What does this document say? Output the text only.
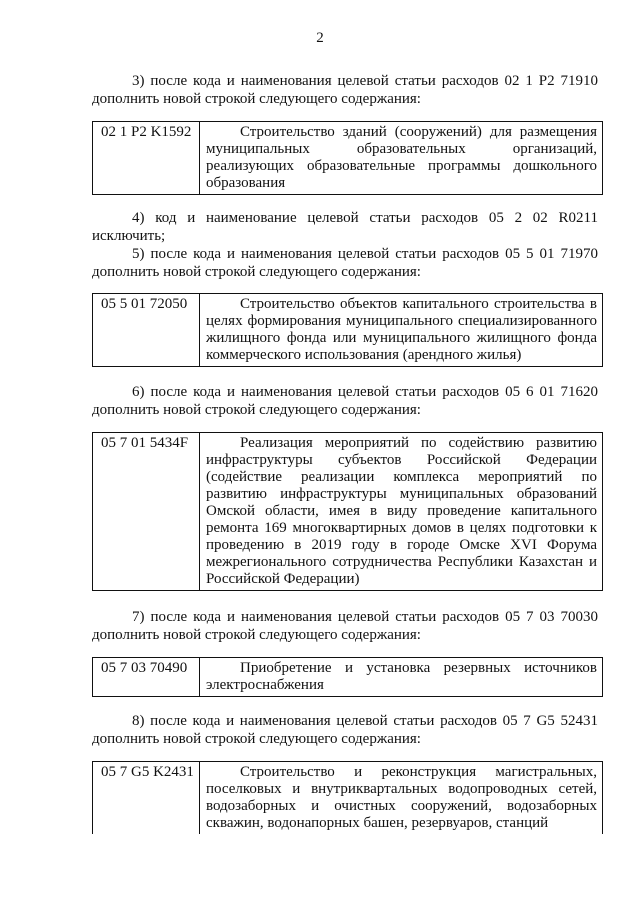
2
3) после кода и наименования целевой статьи расходов 02 1 Р2 71910
дополнить новой строкой следующего содержания:
02 1 Р2 K1592	Строительство зданий (сооружений) для размещения муниципальных образовательных организаций, реализующих образовательные программы дошкольного образования
4) код и наименование целевой статьи расходов 05 2 02 R0211
исключить;
5) после кода и наименования целевой статьи расходов 05 5 01 71970
дополнить новой строкой следующего содержания:
05 5 01 72050	Строительство объектов капитального строительства в целях формирования муниципального специализированного жилищного фонда или муниципального жилищного фонда коммерческого использования (арендного жилья)
6) после кода и наименования целевой статьи расходов 05 6 01 71620
дополнить новой строкой следующего содержания:
05 7 01 5434F	Реализация мероприятий по содействию развитию инфраструктуры субъектов Российской Федерации (содействие реализации комплекса мероприятий по развитию инфраструктуры муниципальных образований Омской области, имея в виду проведение капитального ремонта 169 многоквартирных домов в целях подготовки к проведению в 2019 году в городе Омске XVI Форума межрегионального сотрудничества Республики Казахстан и Российской Федерации)
7) после кода и наименования целевой статьи расходов 05 7 03 70030
дополнить новой строкой следующего содержания:
05 7 03 70490	Приобретение и установка резервных источников электроснабжения
8) после кода и наименования целевой статьи расходов 05 7 G5 52431
дополнить новой строкой следующего содержания:
05 7 G5 K2431	Строительство и реконструкция магистральных, поселковых и внутриквартальных водопроводных сетей, водозаборных и очистных сооружений, водозаборных скважин, водонапорных башен, резервуаров, станций
